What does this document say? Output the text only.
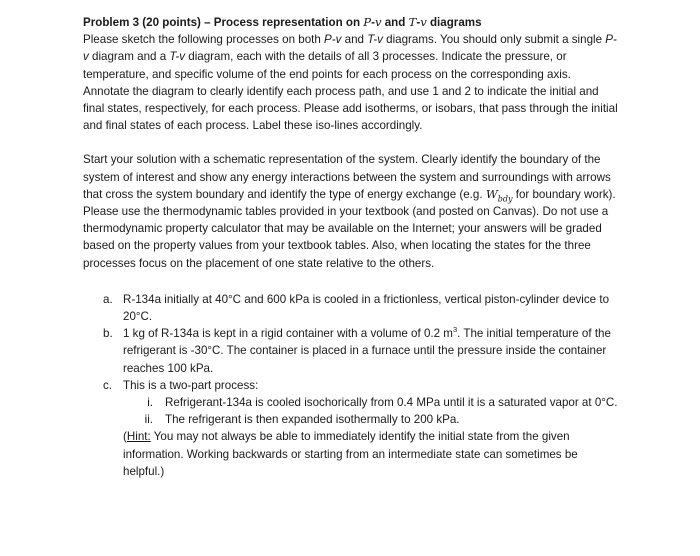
Problem 3 (20 points) – Process representation on P-v and T-v diagrams

Please sketch the following processes on both P-v and T-v diagrams. You should only submit a single P-v diagram and a T-v diagram, each with the details of all 3 processes. Indicate the pressure, or temperature, and specific volume of the end points for each process on the corresponding axis. Annotate the diagram to clearly identify each process path, and use 1 and 2 to indicate the initial and final states, respectively, for each process. Please add isotherms, or isobars, that pass through the initial and final states of each process. Label these iso-lines accordingly.

Start your solution with a schematic representation of the system. Clearly identify the boundary of the system of interest and show any energy interactions between the system and surroundings with arrows that cross the system boundary and identify the type of energy exchange (e.g. $W_{bdy}$ for boundary work). Please use the thermodynamic tables provided in your textbook (and posted on Canvas). Do not use a thermodynamic property calculator that may be available on the Internet; your answers will be graded based on the property values from your textbook tables. Also, when locating the states for the three processes focus on the placement of one state relative to the others.

a. R-134a initially at 40°C and 600 kPa is cooled in a frictionless, vertical piston-cylinder device to 20°C.
b. 1 kg of R-134a is kept in a rigid container with a volume of 0.2 $m^3$. The initial temperature of the refrigerant is -30°C. The container is placed in a furnace until the pressure inside the container reaches 100 kPa.
c. This is a two-part process:
i.	Refrigerant-134a is cooled isochorically from 0.4 MPa until it is a saturated vapor at 0°C.
ii.	The refrigerant is then expanded isothermally to 200 kPa.
(Hint: You may not always be able to immediately identify the initial state from the given information. Working backwards or starting from an intermediate state can sometimes be helpful.)
